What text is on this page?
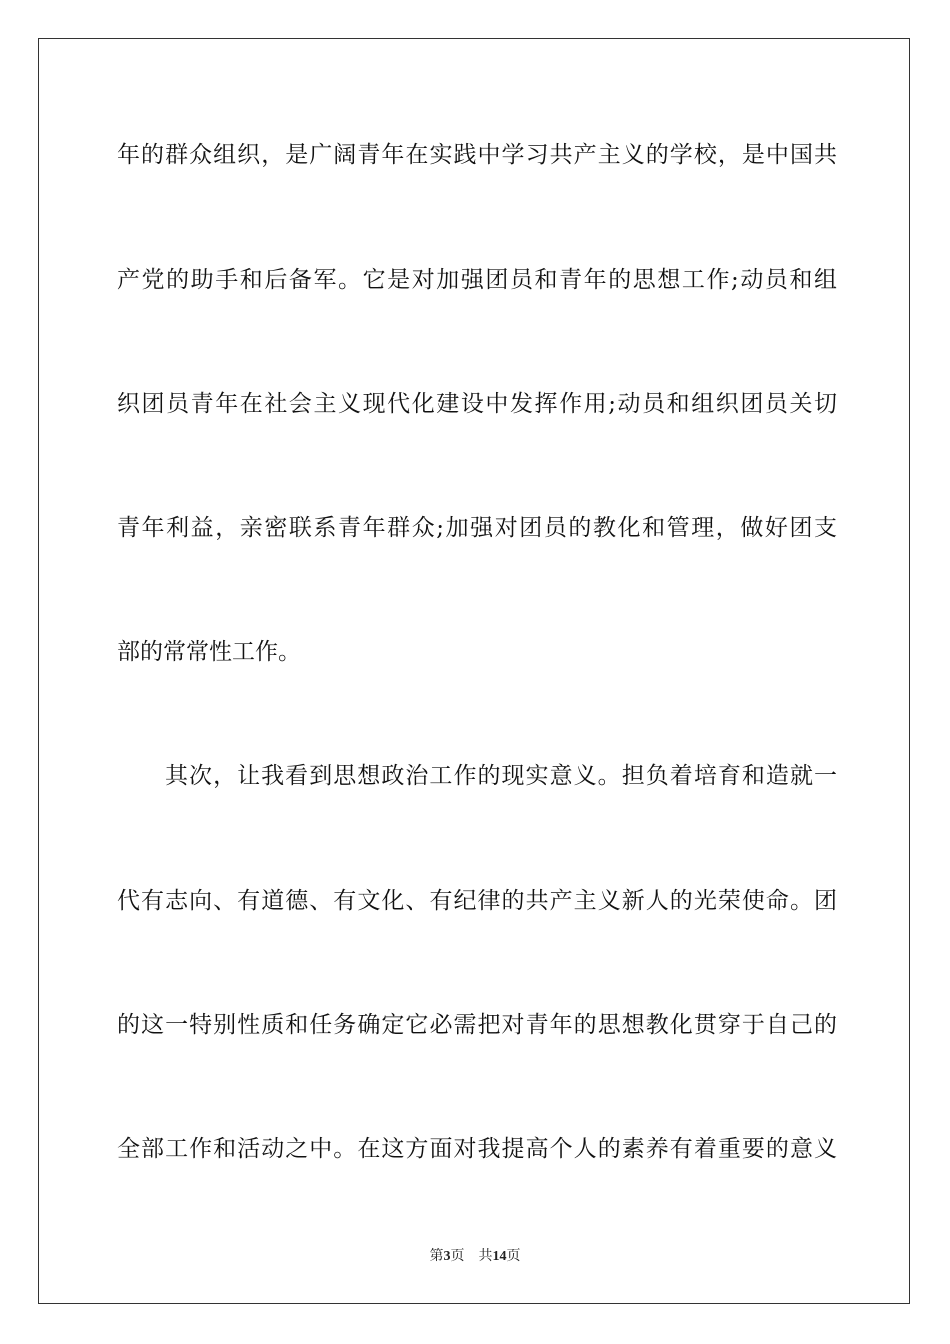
年的群众组织，是广阔青年在实践中学习共产主义的学校，是中国共
产党的助手和后备军。它是对加强团员和青年的思想工作;动员和组
织团员青年在社会主义现代化建设中发挥作用;动员和组织团员关切
青年利益，亲密联系青年群众;加强对团员的教化和管理，做好团支
部的常常性工作。
其次，让我看到思想政治工作的现实意义。担负着培育和造就一
代有志向、有道德、有文化、有纪律的共产主义新人的光荣使命。团
的这一特别性质和任务确定它必需把对青年的思想教化贯穿于自己的
全部工作和活动之中。在这方面对我提高个人的素养有着重要的意义
第3页 共14页
